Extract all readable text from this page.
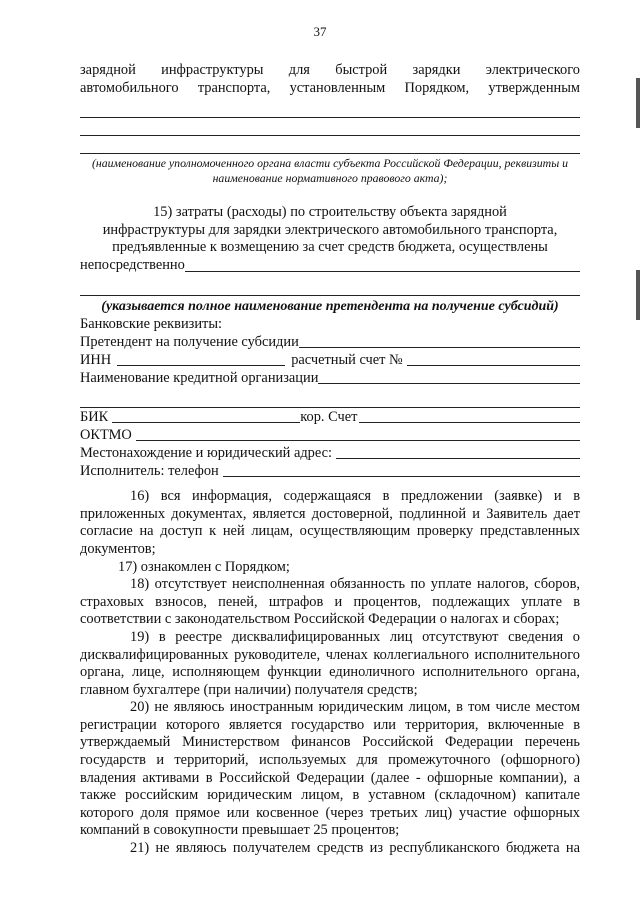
37

зарядной инфраструктуры для быстрой зарядки электрического

автомобильного транспорта, установленным Порядком, утвержденным

(наименование уполномоченного органа власти субъекта Российской Федерации, реквизиты и наименование нормативного правового акта);

15) затраты (расходы) по строительству объекта зарядной

инфраструктуры для зарядки электрического автомобильного транспорта,

предъявленные к возмещению за счет средств бюджета, осуществлены

непосредственно

(указывается полное наименование претендента на получение субсидий)

Банковские реквизиты:

Претендент на получение субсидии
ИНН	расчетный счет №
Наименование кредитной организации
БИК	кор. Счет
ОКТМО
Местонахождение и юридический адрес:
Исполнитель: телефон

16) вся информация, содержащаяся в предложении (заявке) и в приложенных документах, является достоверной, подлинной и Заявитель дает согласие на доступ к ней лицам, осуществляющим проверку представленных документов;

17) ознакомлен с Порядком;

18) отсутствует неисполненная обязанность по уплате налогов, сборов, страховых взносов, пеней, штрафов и процентов, подлежащих уплате в соответствии с законодательством Российской Федерации о налогах и сборах;

19) в реестре дисквалифицированных лиц отсутствуют сведения о дисквалифицированных руководителе, членах коллегиального исполнительного органа, лице, исполняющем функции единоличного исполнительного органа, главном бухгалтере (при наличии) получателя средств;

20) не являюсь иностранным юридическим лицом, в том числе местом регистрации которого является государство или территория, включенные в утверждаемый Министерством финансов Российской Федерации перечень государств и территорий, используемых для промежуточного (офшорного) владения активами в Российской Федерации (далее - офшорные компании), а также российским юридическим лицом, в уставном (складочном) капитале которого доля прямое или косвенное (через третьих лиц) участие офшорных компаний в совокупности превышает 25 процентов;

21) не являюсь получателем средств из республиканского бюджета на
